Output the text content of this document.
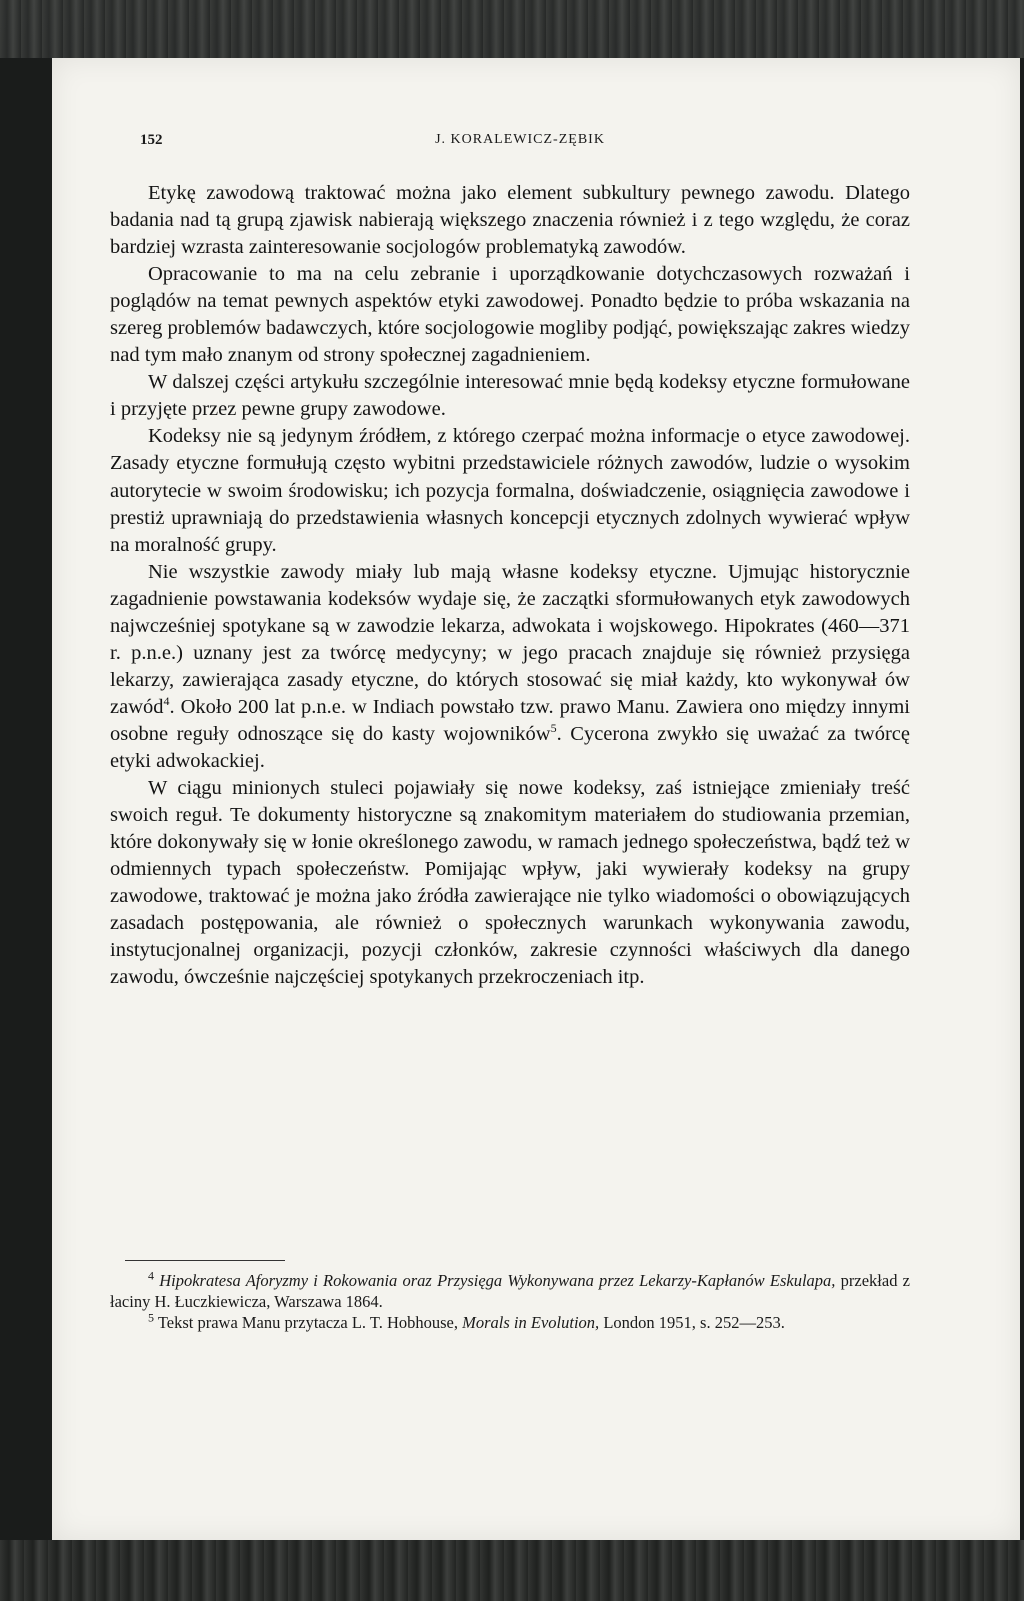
152	J. KORALEWICZ-ZĘBIK

Etykę zawodową traktować można jako element subkultury pewnego zawodu. Dlatego badania nad tą grupą zjawisk nabierają większego znaczenia również i z tego względu, że coraz bardziej wzrasta zainteresowanie socjologów problematyką zawodów.

Opracowanie to ma na celu zebranie i uporządkowanie dotychczasowych rozważań i poglądów na temat pewnych aspektów etyki zawodowej. Ponadto będzie to próba wskazania na szereg problemów badawczych, które socjologowie mogliby podjąć, powiększając zakres wiedzy nad tym mało znanym od strony społecznej zagadnieniem.

W dalszej części artykułu szczególnie interesować mnie będą kodeksy etyczne formułowane i przyjęte przez pewne grupy zawodowe.

Kodeksy nie są jedynym źródłem, z którego czerpać można informacje o etyce zawodowej. Zasady etyczne formułują często wybitni przedstawiciele różnych zawodów, ludzie o wysokim autorytecie w swoim środowisku; ich pozycja formalna, doświadczenie, osiągnięcia zawodowe i prestiż uprawniają do przedstawienia własnych koncepcji etycznych zdolnych wywierać wpływ na moralność grupy.

Nie wszystkie zawody miały lub mają własne kodeksy etyczne. Ujmując historycznie zagadnienie powstawania kodeksów wydaje się, że zaczątki sformułowanych etyk zawodowych najwcześniej spotykane są w zawodzie lekarza, adwokata i wojskowego. Hipokrates (460—371 r. p.n.e.) uznany jest za twórcę medycyny; w jego pracach znajduje się również przysięga lekarzy, zawierająca zasady etyczne, do których stosować się miał każdy, kto wykonywał ów zawód$^4$. Około 200 lat p.n.e. w Indiach powstało tzw. prawo Manu. Zawiera ono między innymi osobne reguły odnoszące się do kasty wojowników$^5$. Cycerona zwykło się uważać za twórcę etyki adwokackiej.

W ciągu minionych stuleci pojawiały się nowe kodeksy, zaś istniejące zmieniały treść swoich reguł. Te dokumenty historyczne są znakomitym materiałem do studiowania przemian, które dokonywały się w łonie określonego zawodu, w ramach jednego społeczeństwa, bądź też w odmiennych typach społeczeństw. Pomijając wpływ, jaki wywierały kodeksy na grupy zawodowe, traktować je można jako źródła zawierające nie tylko wiadomości o obowiązujących zasadach postępowania, ale również o społecznych warunkach wykonywania zawodu, instytucjonalnej organizacji, pozycji członków, zakresie czynności właściwych dla danego zawodu, ówcześnie najczęściej spotykanych przekroczeniach itp.

$^4$ Hipokratesa Aforyzmy i Rokowania oraz Przysięga Wykonywana przez Lekarzy-Kapłanów Eskulapa, przekład z łaciny H. Łuczkiewicza, Warszawa 1864.

$^5$ Tekst prawa Manu przytacza L. T. Hobhouse, Morals in Evolution, London 1951, s. 252—253.
